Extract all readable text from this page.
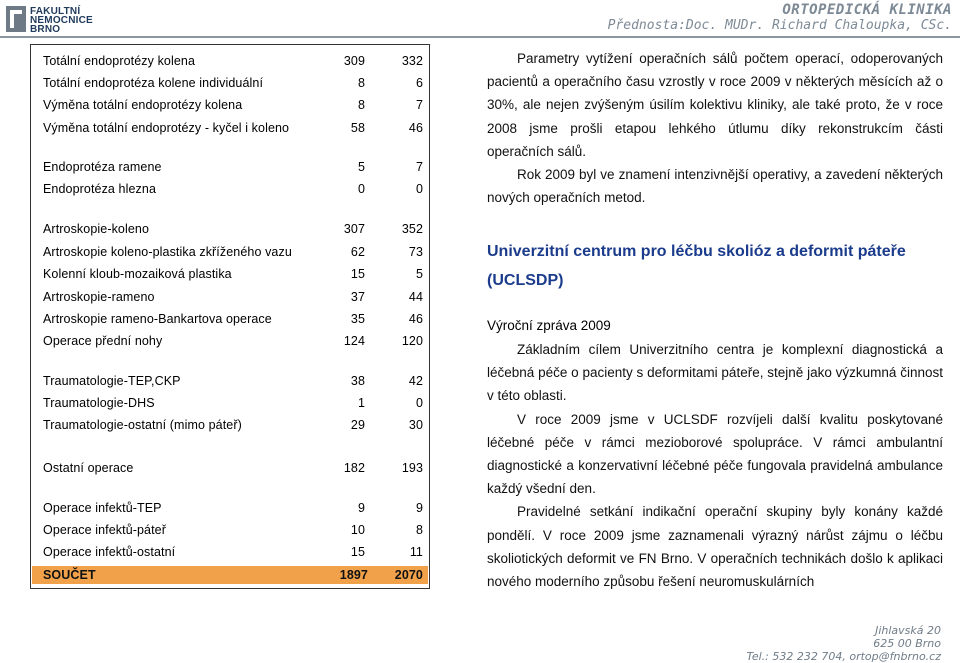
FAKULTNÍ
NEMOCNICE
BRNO
ORTOPEDICKÁ KLINIKA
Přednosta:Doc. MUDr. Richard Chaloupka, CSc.
Totální endoprotézy kolena	309	332
Totální endoprotéza kolene individuální	8	6
Výměna totální endoprotézy kolena	8	7
Výměna totální endoprotézy - kyčel i koleno	58	46
Endoprotéza ramene	5	7
Endoprotéza hlezna	0	0
Artroskopie-koleno	307	352
Artroskopie koleno-plastika zkříženého vazu	62	73
Kolenní kloub-mozaiková plastika	15	5
Artroskopie-rameno	37	44
Artroskopie rameno-Bankartova operace	35	46
Operace přední nohy	124	120
Traumatologie-TEP,CKP	38	42
Traumatologie-DHS	1	0
Traumatologie-ostatní (mimo páteř)	29	30
Ostatní operace	182	193
Operace infektů-TEP	9	9
Operace infektů-páteř	10	8
Operace infektů-ostatní	15	11
SOUČET	1897	2070

Parametry vytížení operačních sálů počtem operací, odoperovaných pacientů a operačního času vzrostly v roce 2009 v některých měsících až o 30%, ale nejen zvýšeným úsilím kolektivu kliniky, ale také proto, že v roce 2008 jsme prošli etapou lehkého útlumu díky rekonstrukcím části operačních sálů.

Rok 2009 byl ve znamení intenzivnější operativy, a zavedení některých nových operačních metod.

Univerzitní centrum pro léčbu skolióz a deformit páteře (UCLSDP)
Výroční zpráva 2009

Základním cílem Univerzitního centra je komplexní diagnostická a léčebná péče o pacienty s deformitami páteře, stejně jako výzkumná činnost v této oblasti.

V roce 2009 jsme v UCLSDF rozvíjeli další kvalitu poskytované léčebné péče v rámci mezioborové spolupráce. V rámci ambulantní diagnostické a konzervativní léčebné péče fungovala pravidelná ambulance každý všední den.

Pravidelné setkání indikační operační skupiny byly konány každé pondělí. V roce 2009 jsme zaznamenali výrazný nárůst zájmu o léčbu skoliotických deformit ve FN Brno. V operačních technikách došlo k aplikaci nového moderního způsobu řešení neuromuskulárních

Jihlavská 20
625 00 Brno
Tel.: 532 232 704, ortop@fnbrno.cz
